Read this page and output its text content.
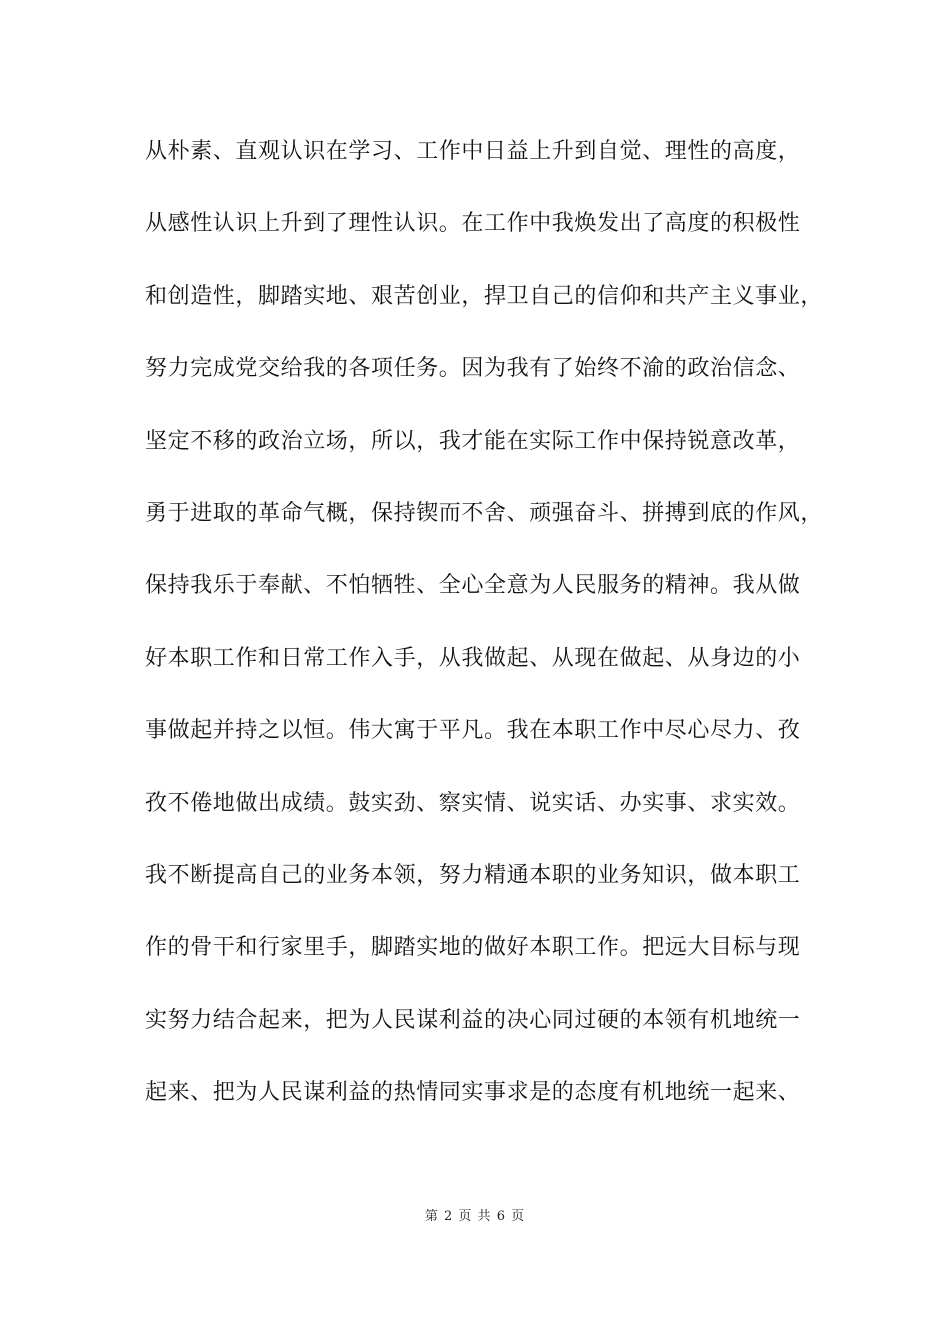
从朴素、直观认识在学习、工作中日益上升到自觉、理性的高度，
从感性认识上升到了理性认识。在工作中我焕发出了高度的积极性
和创造性，脚踏实地、艰苦创业，捍卫自己的信仰和共产主义事业，
努力完成党交给我的各项任务。因为我有了始终不渝的政治信念、
坚定不移的政治立场，所以，我才能在实际工作中保持锐意改革，
勇于进取的革命气概，保持锲而不舍、顽强奋斗、拼搏到底的作风，
保持我乐于奉献、不怕牺牲、全心全意为人民服务的精神。我从做
好本职工作和日常工作入手，从我做起、从现在做起、从身边的小
事做起并持之以恒。伟大寓于平凡。我在本职工作中尽心尽力、孜
孜不倦地做出成绩。鼓实劲、察实情、说实话、办实事、求实效。
我不断提高自己的业务本领，努力精通本职的业务知识，做本职工
作的骨干和行家里手，脚踏实地的做好本职工作。把远大目标与现
实努力结合起来，把为人民谋利益的决心同过硬的本领有机地统一
起来、把为人民谋利益的热情同实事求是的态度有机地统一起来、
第 2 页 共 6 页
